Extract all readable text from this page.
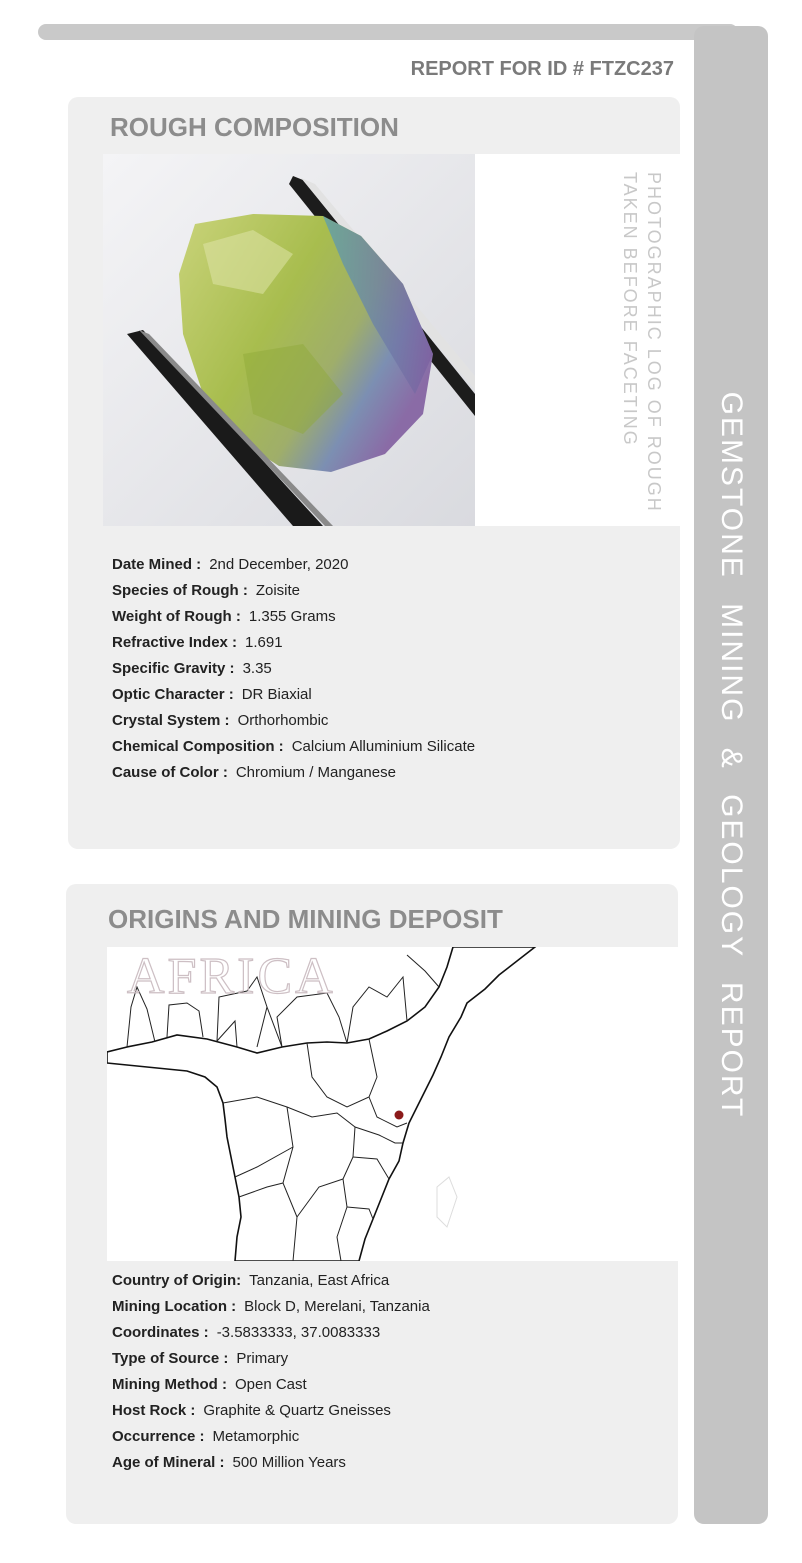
GEMSTONE MINING & GEOLOGY REPORT
REPORT FOR ID # FTZC237
ROUGH COMPOSITION
PHOTOGRAPHIC LOG OF ROUGH
TAKEN BEFORE FACETING
Date Mined : 2nd December, 2020
Species of Rough : Zoisite
Weight of Rough : 1.355 Grams
Refractive Index : 1.691
Specific Gravity : 3.35
Optic Character : DR Biaxial
Crystal System : Orthorhombic
Chemical Composition : Calcium Alluminium Silicate
Cause of Color : Chromium / Manganese
ORIGINS AND MINING DEPOSIT
AFRICA
Country of Origin: Tanzania, East Africa
Mining Location : Block D, Merelani, Tanzania
Coordinates : -3.5833333, 37.0083333
Type of Source : Primary
Mining Method : Open Cast
Host Rock : Graphite & Quartz Gneisses
Occurrence : Metamorphic
Age of Mineral : 500 Million Years
